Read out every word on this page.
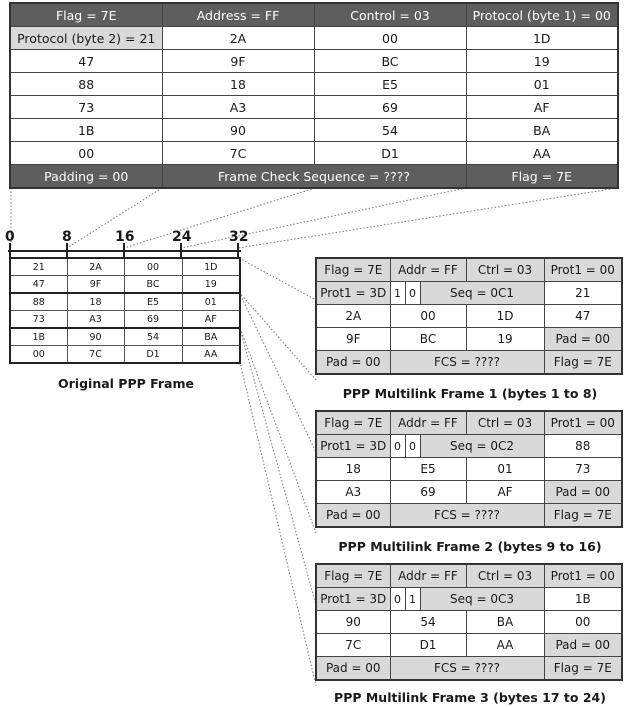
Flag = 7E	Address = FF	Control = 03	Protocol (byte 1) = 00
Protocol (byte 2) = 21	2A	00	1D
47	9F	BC	19
88	18	E5	01
73	A3	69	AF
1B	90	54	BA
00	7C	D1	AA
Padding = 00	Frame Check Sequence = ????		Flag = 7E
0	8	16	24	32
21	2A	00	1D
47	9F	BC	19
88	18	E5	01
73	A3	69	AF
1B	90	54	BA
00	7C	D1	AA
Original PPP Frame
Flag = 7E	Addr = FF			Ctrl = 03	Prot1 = 00
Prot1 = 3D	1	0	Seq = 0C1		21
2A	00			1D	47
9F	BC			19	Pad = 00
Pad = 00	FCS = ????				Flag = 7E
PPP Multilink Frame 1 (bytes 1 to 8)
Flag = 7E	Addr = FF			Ctrl = 03	Prot1 = 00
Prot1 = 3D	0	0	Seq = 0C2		88
18	E5			01	73
A3	69			AF	Pad = 00
Pad = 00	FCS = ????				Flag = 7E
PPP Multilink Frame 2 (bytes 9 to 16)
Flag = 7E	Addr = FF			Ctrl = 03	Prot1 = 00
Prot1 = 3D	0	1	Seq = 0C3		1B
90	54			BA	00
7C	D1			AA	Pad = 00
Pad = 00	FCS = ????				Flag = 7E
PPP Multilink Frame 3 (bytes 17 to 24)
